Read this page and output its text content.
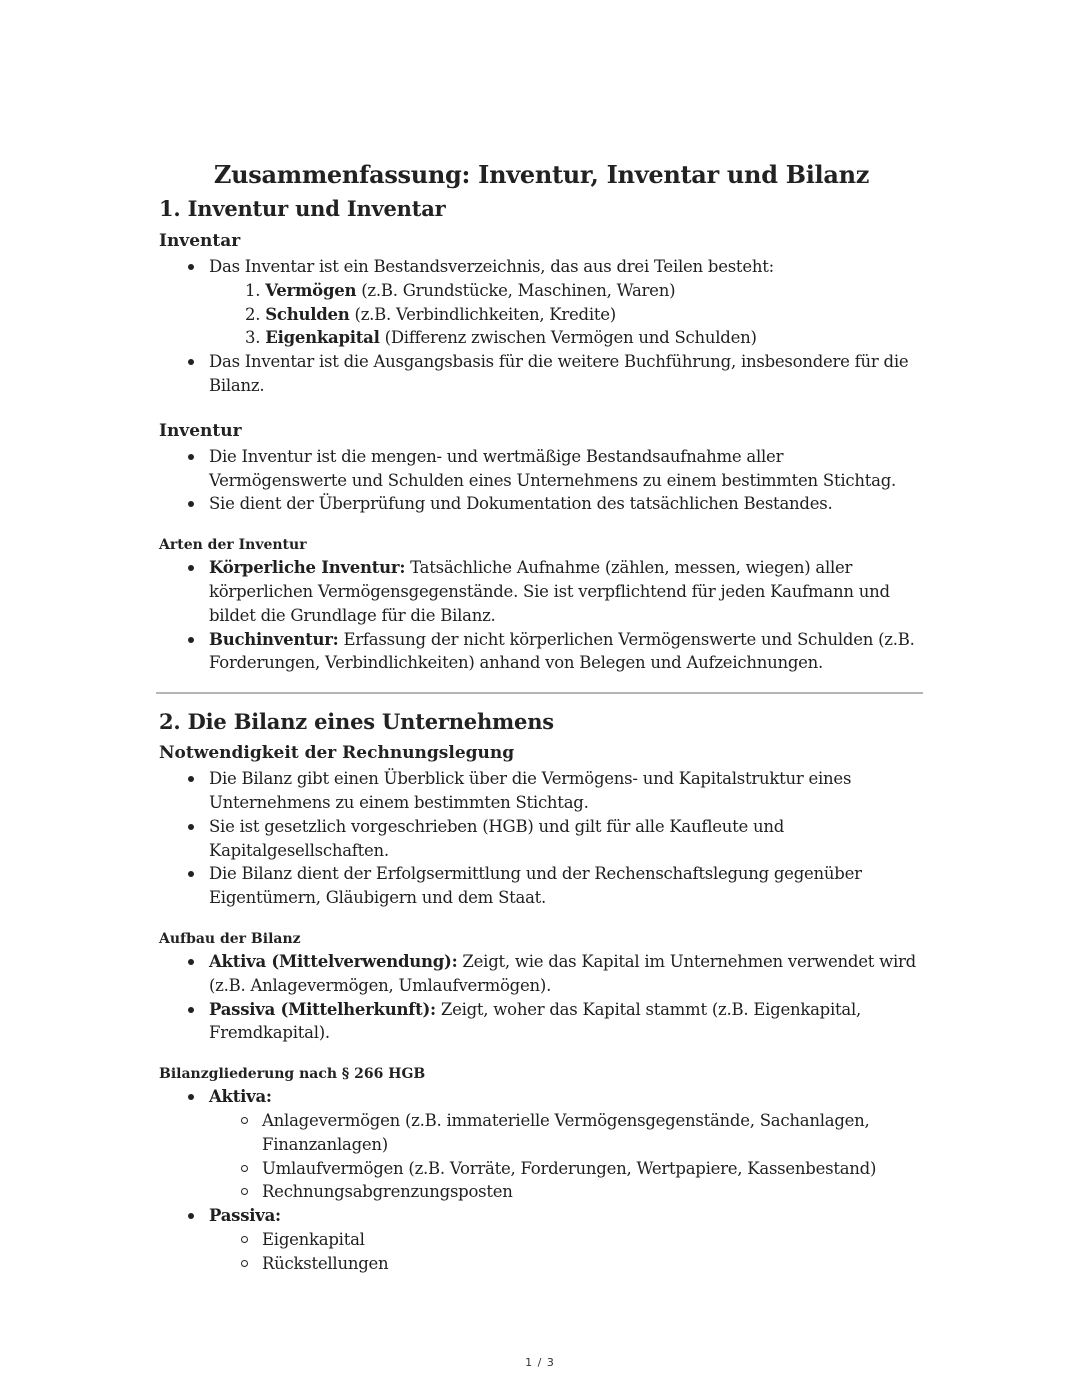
Zusammenfassung: Inventur, Inventar und Bilanz
1. Inventur und Inventar
Inventar
Das Inventar ist ein Bestandsverzeichnis, das aus drei Teilen besteht:
1. Vermögen (z.B. Grundstücke, Maschinen, Waren)
2. Schulden (z.B. Verbindlichkeiten, Kredite)
3. Eigenkapital (Differenz zwischen Vermögen und Schulden)
Das Inventar ist die Ausgangsbasis für die weitere Buchführung, insbesondere für die Bilanz.
Inventur
Die Inventur ist die mengen- und wertmäßige Bestandsaufnahme aller Vermögenswerte und Schulden eines Unternehmens zu einem bestimmten Stichtag.
Sie dient der Überprüfung und Dokumentation des tatsächlichen Bestandes.
Arten der Inventur
Körperliche Inventur: Tatsächliche Aufnahme (zählen, messen, wiegen) aller körperlichen Vermögensgegenstände. Sie ist verpflichtend für jeden Kaufmann und bildet die Grundlage für die Bilanz.
Buchinventur: Erfassung der nicht körperlichen Vermögenswerte und Schulden (z.B. Forderungen, Verbindlichkeiten) anhand von Belegen und Aufzeichnungen.
2. Die Bilanz eines Unternehmens
Notwendigkeit der Rechnungslegung
Die Bilanz gibt einen Überblick über die Vermögens- und Kapitalstruktur eines Unternehmens zu einem bestimmten Stichtag.
Sie ist gesetzlich vorgeschrieben (HGB) und gilt für alle Kaufleute und Kapitalgesellschaften.
Die Bilanz dient der Erfolgsermittlung und der Rechenschaftslegung gegenüber Eigentümern, Gläubigern und dem Staat.
Aufbau der Bilanz
Aktiva (Mittelverwendung): Zeigt, wie das Kapital im Unternehmen verwendet wird (z.B. Anlagevermögen, Umlaufvermögen).
Passiva (Mittelherkunft): Zeigt, woher das Kapital stammt (z.B. Eigenkapital, Fremdkapital).
Bilanzgliederung nach § 266 HGB
Aktiva:
Anlagevermögen (z.B. immaterielle Vermögensgegenstände, Sachanlagen, Finanzanlagen)
Umlaufvermögen (z.B. Vorräte, Forderungen, Wertpapiere, Kassenbestand)
Rechnungsabgrenzungsposten
Passiva:
Eigenkapital
Rückstellungen
1 / 3
